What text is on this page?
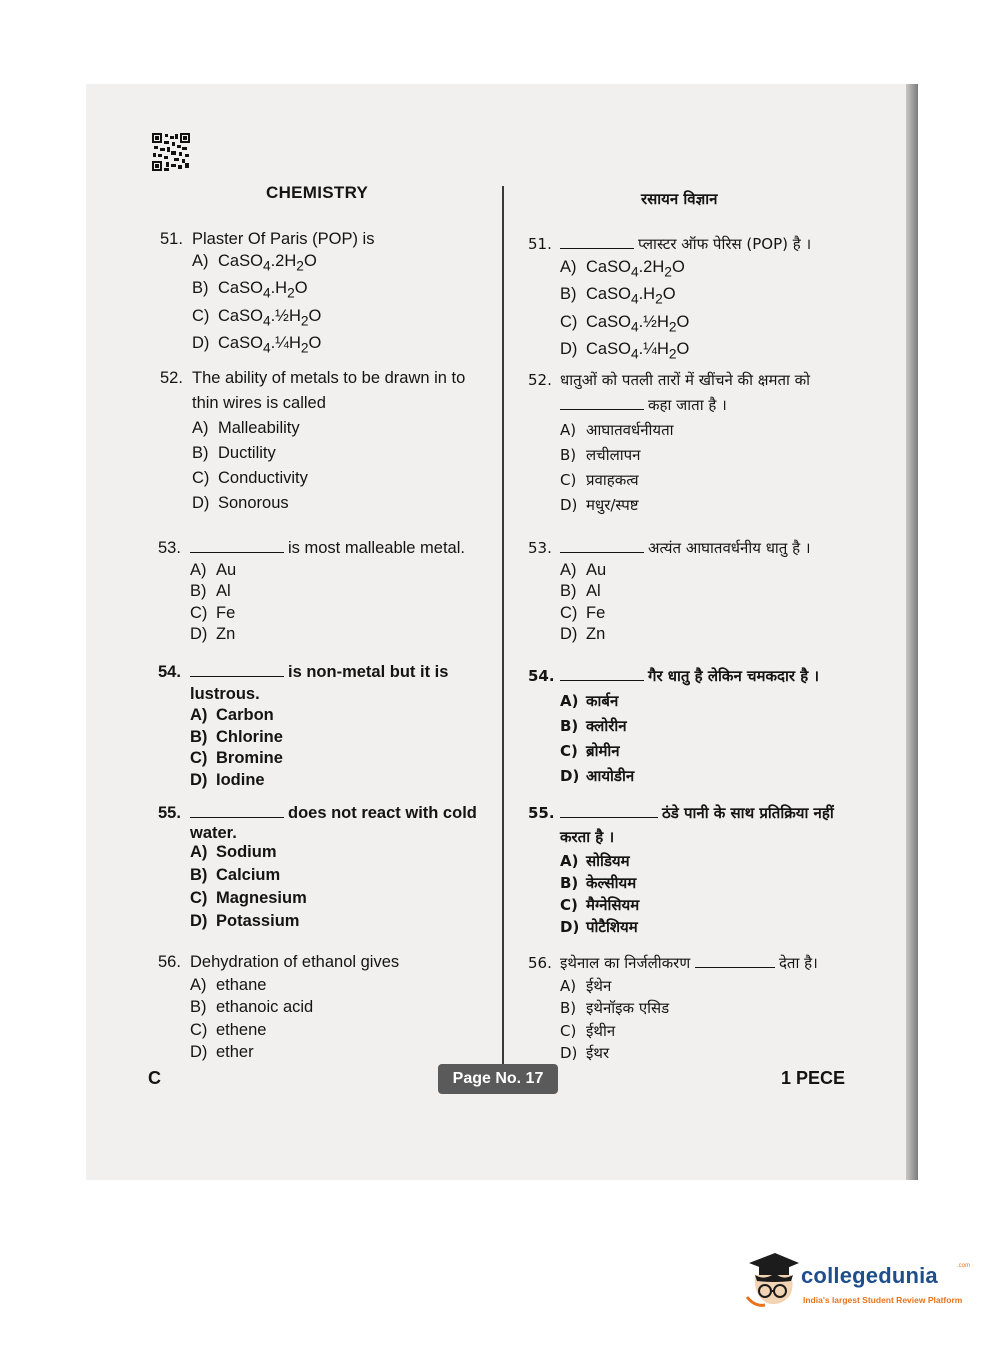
CHEMISTRY	रसायन विज्ञान
51. Plaster Of Paris (POP) is
A) $CaSO_4.2H_2O$
B) $CaSO_4.H_2O$
C) $CaSO_4.\frac{1}{2}H_2O$
D) $CaSO_4.\frac{1}{4}H_2O$
52. The ability of metals to be drawn in to thin wires is called
A) Malleability
B) Ductility
C) Conductivity
D) Sonorous
53.	is most malleable metal.
A) Au
B) Al
C) Fe
D) Zn
54.	is non-metal but it is
lustrous.
A) Carbon
B) Chlorine
C) Bromine
D) Iodine
55.	does not react with cold
water.
A) Sodium
B) Calcium
C) Magnesium
D) Potassium
56. Dehydration of ethanol gives
A) ethane
B) ethanoic acid
C) ethene
D) ether
51.	प्लास्टर ऑफ पेरिस (POP) है ।
A) $CaSO_4.2H_2O$
B) $CaSO_4.H_2O$
C) $CaSO_4.\frac{1}{2}H_2O$
D) $CaSO_4.\frac{1}{4}H_2O$
52. धातुओं को पतली तारों में खींचने की क्षमता को
कहा जाता है ।
A) आघातवर्धनीयता
B) लचीलापन
C) प्रवाहकत्व
D) मधुर/स्पष्ट
53.	अत्यंत आघातवर्धनीय धातु है ।
A) Au
B) Al
C) Fe
D) Zn
54.	गैर धातु है लेकिन चमकदार है ।
A) कार्बन
B) क्लोरीन
C) ब्रोमीन
D) आयोडीन
55.	ठंडे पानी के साथ प्रतिक्रिया नहीं
करता है ।
A) सोडियम
B) केल्सीयम
C) मैग्नेसियम
D) पोटैशियम
56. इथेनाल का निर्जलीकरण	देता है।
A) ईथेन
B) इथेनॉइक एसिड
C) ईथीन
D) ईथर
C	Page No. 17	1 PECE
collegedunia	.com
India's largest Student Review Platform
